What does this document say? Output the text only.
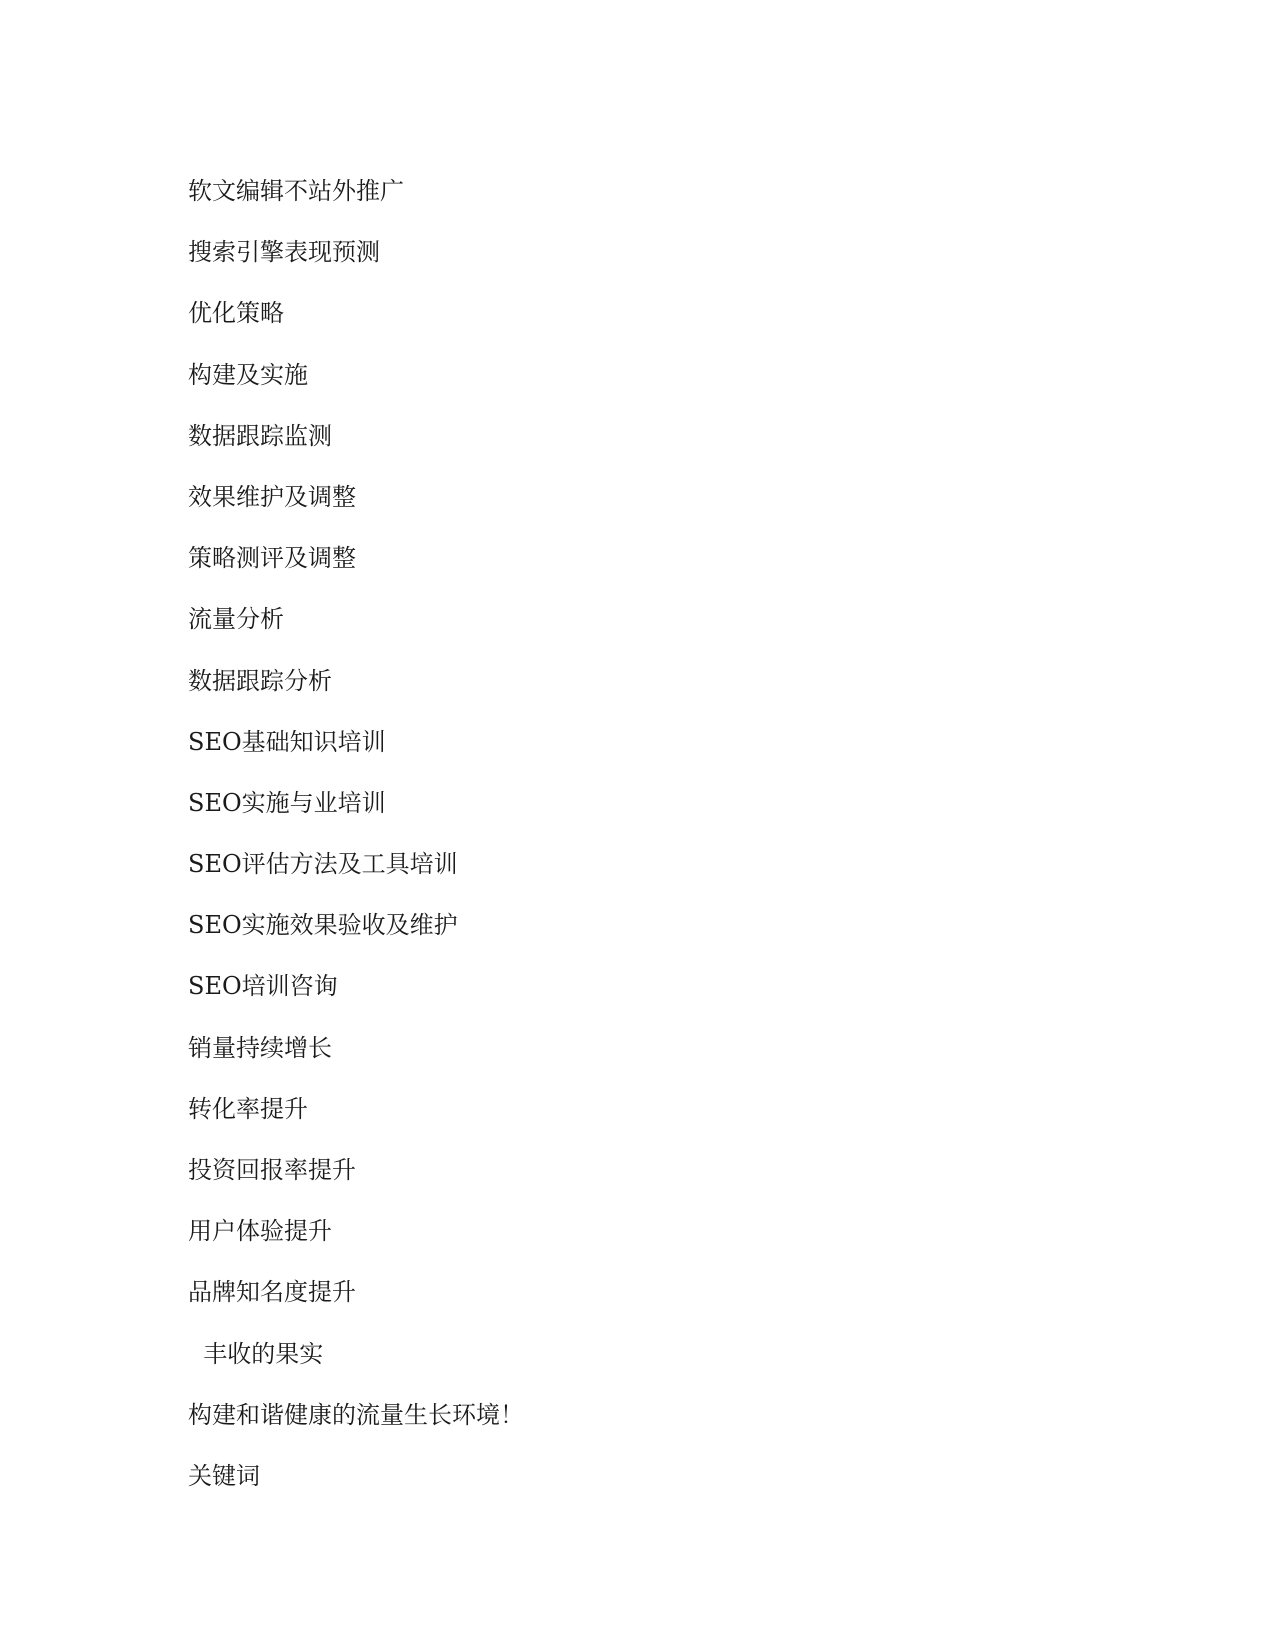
软文编辑不站外推广

搜索引擎表现预测

优化策略

构建及实施

数据跟踪监测

效果维护及调整

策略测评及调整

流量分析

数据跟踪分析

SEO基础知识培训

SEO实施与业培训

SEO评估方法及工具培训

SEO实施效果验收及维护

SEO培训咨询

销量持续增长

转化率提升

投资回报率提升

用户体验提升

品牌知名度提升

丰收的果实

构建和谐健康的流量生长环境！

关键词
